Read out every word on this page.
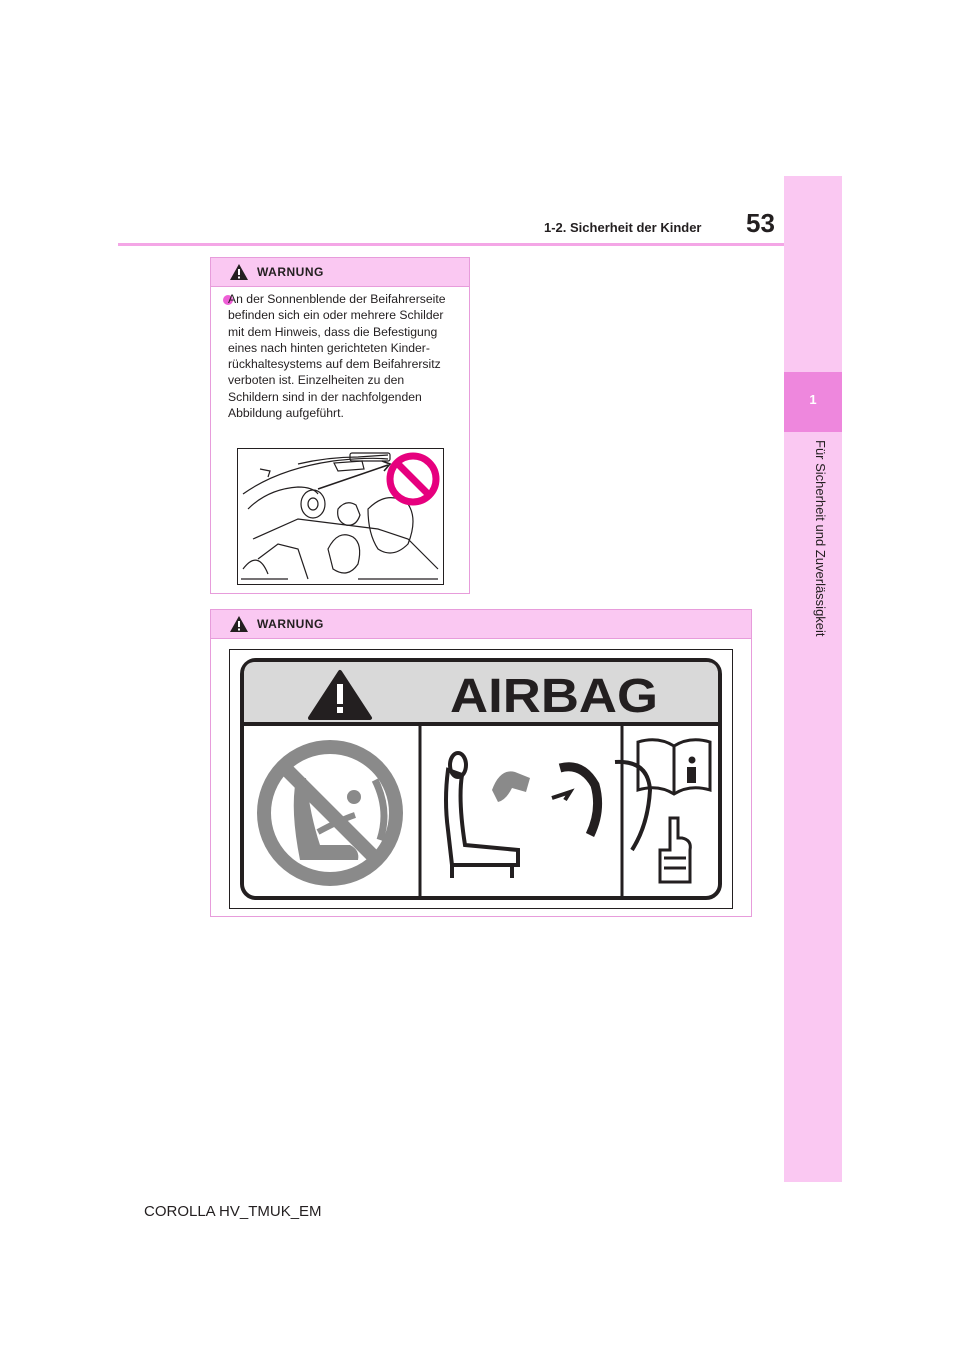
53
1-2. Sicherheit der Kinder
1
Für Sicherheit und Zuverlässigkeit
WARNUNG
An der Sonnenblende der Beifahrerseite befinden sich ein oder mehrere Schilder mit dem Hinweis, dass die Befestigung eines nach hinten gerichteten Kinderrückhaltesystems auf dem Beifahrersitz verboten ist. Einzelheiten zu den Schildern sind in der nachfolgenden Abbildung aufgeführt.
WARNUNG
AIRBAG
COROLLA HV_TMUK_EM
